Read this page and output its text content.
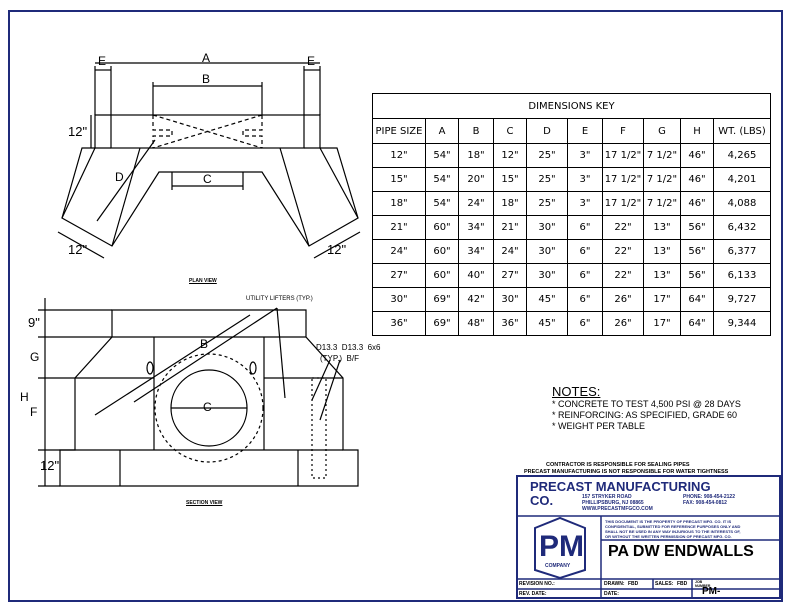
A
B
E	E
12"
C
D
12"	12"
PLAN VIEW
9"
G
H
F
12"
B
C
UTILITY LIFTERS (TYP.)
D13.3  D13.3  6x6
(TYP.)  B/F
SECTION VIEW
DIMENSIONS KEY									
PIPE SIZE	A	B	C	D	E	F	G	H	WT. (LBS)
12"	54"	18"	12"	25"	3"	17 1/2"	7 1/2"	46"	4,265
15"	54"	20"	15"	25"	3"	17 1/2"	7 1/2"	46"	4,201
18"	54"	24"	18"	25"	3"	17 1/2"	7 1/2"	46"	4,088
21"	60"	34"	21"	30"	6"	22"	13"	56"	6,432
24"	60"	34"	24"	30"	6"	22"	13"	56"	6,377
27"	60"	40"	27"	30"	6"	22"	13"	56"	6,133
30"	69"	42"	30"	45"	6"	26"	17"	64"	9,727
36"	69"	48"	36"	45"	6"	26"	17"	64"	9,344
NOTES:
* CONCRETE TO TEST 4,500 PSI @ 28 DAYS
* REINFORCING: AS SPECIFIED, GRADE 60
* WEIGHT PER TABLE
CONTRACTOR IS RESPONSIBLE FOR SEALING PIPES
PRECAST MANUFACTURING IS NOT RESPONSIBLE FOR WATER TIGHTNESS
PRECAST MANUFACTURING
CO.	157 STRYKER ROAD
PHILLIPSBURG, NJ 08865
WWW.PRECASTMFGCO.COM
PHONE: 908-454-2122
FAX: 908-454-0812
PM
COMPANY
THIS DOCUMENT IS THE PROPERTY OF PRECAST MFG. CO. IT IS
CONFIDENTIAL, SUBMITTED FOR REFERENCE PURPOSES ONLY AND
SHALL NOT BE USED IN ANY WAY INJURIOUS TO THE INTERESTS OF,
OR WITHOUT THE WRITTEN PERMISSION OF PRECAST MFG. CO.
PA DW ENDWALLS
REVISION NO.:
REV. DATE:
DRAWN: FBD	SALES: FBD JOB
NUMBER
PM-
DATE:
